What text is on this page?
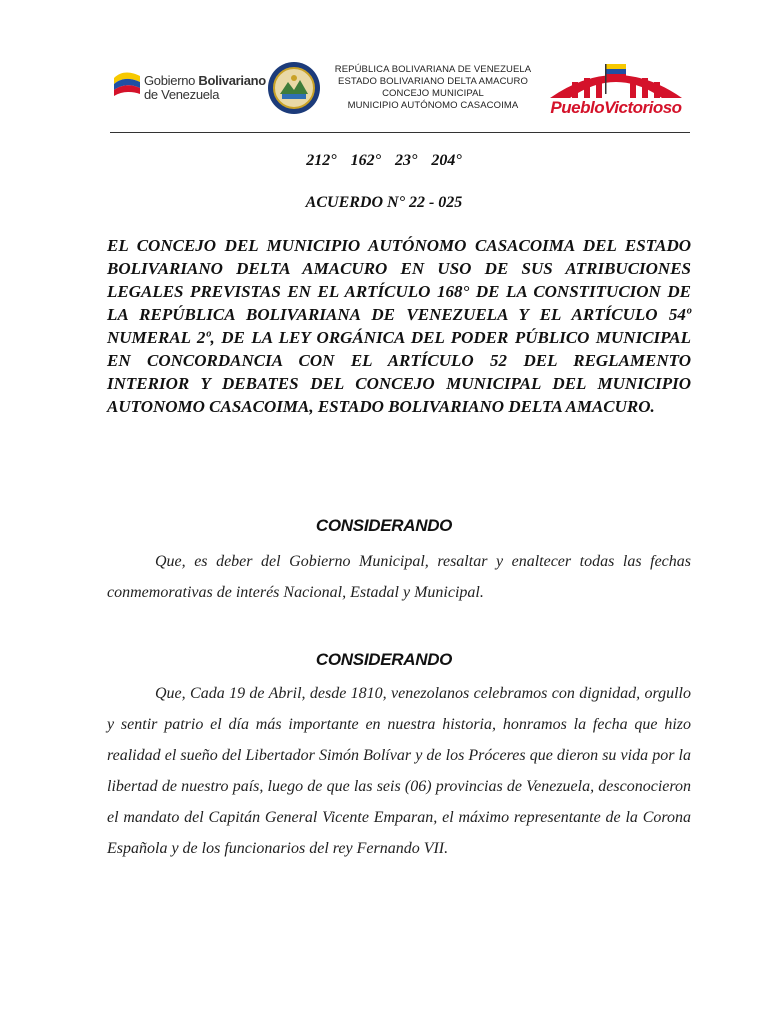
Gobierno Bolivariano
de Venezuela
REPÚBLICA BOLIVARIANA DE VENEZUELA
ESTADO BOLIVARIANO DELTA AMACURO
CONCEJO MUNICIPAL
MUNICIPIO AUTÓNOMO CASACOIMA	PuebloVictorioso
212° 162° 23° 204°
ACUERDO N° 22 - 025
EL CONCEJO DEL MUNICIPIO AUTÓNOMO CASACOIMA DEL ESTADO BOLIVARIANO DELTA AMACURO EN USO DE SUS ATRIBUCIONES LEGALES PREVISTAS EN EL ARTÍCULO 168° DE LA CONSTITUCION DE LA REPÚBLICA BOLIVARIANA DE VENEZUELA Y EL ARTÍCULO 54º NUMERAL 2º, DE LA LEY ORGÁNICA DEL PODER PÚBLICO MUNICIPAL EN CONCORDANCIA CON EL ARTÍCULO 52 DEL REGLAMENTO INTERIOR Y DEBATES DEL CONCEJO MUNICIPAL DEL MUNICIPIO AUTONOMO CASACOIMA, ESTADO BOLIVARIANO DELTA AMACURO.
CONSIDERANDO
Que, es deber del Gobierno Municipal, resaltar y enaltecer todas las fechas conmemorativas de interés Nacional, Estadal y Municipal.
CONSIDERANDO
Que, Cada 19 de Abril, desde 1810, venezolanos celebramos con dignidad, orgullo y sentir patrio el día más importante en nuestra historia, honramos la fecha que hizo realidad el sueño del Libertador Simón Bolívar y de los Próceres que dieron su vida por la libertad de nuestro país, luego de que las seis (06) provincias de Venezuela, desconocieron el mandato del Capitán General Vicente Emparan, el máximo representante de la Corona Española y de los funcionarios del rey Fernando VII.
